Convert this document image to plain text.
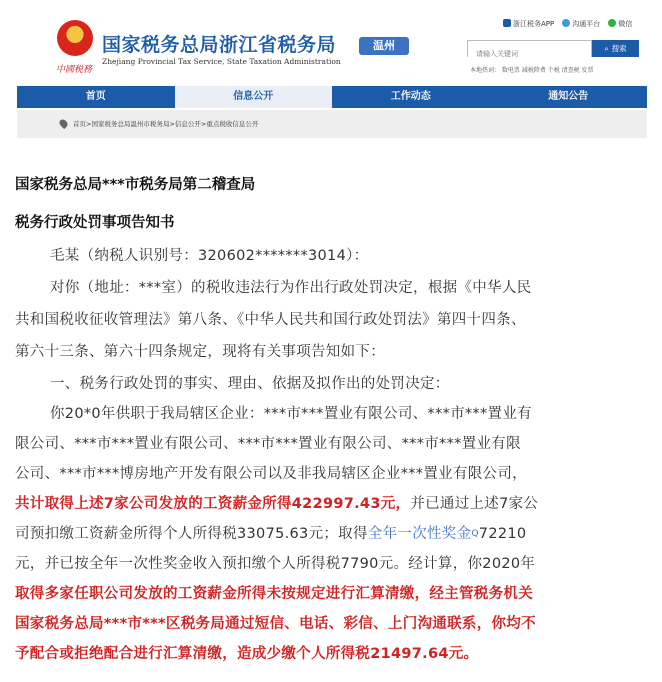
中國税務
国家税务总局浙江省税务局
Zhejiang Provincial Tax Service, State Taxation Administration
温州
浙江税务APP	沟通平台	微信
请输入关键词
⌕ 搜索
本地热词： 数电票 减税降费 个税 清查税 发票
首页	信息公开	工作动态	通知公告
首页>国家税务总局温州市税务局>信息公开>重点税收信息公开
国家税务总局***市税务局第二稽查局
税务行政处罚事项告知书
毛某（纳税人识别号：320602*******3014）：
对你（地址：***室）的税收违法行为作出行政处罚决定，根据《中华人民
共和国税收征收管理法》第八条、《中华人民共和国行政处罚法》第四十四条、
第六十三条、第六十四条规定，现将有关事项告知如下：
一、税务行政处罚的事实、理由、依据及拟作出的处罚决定：
你20*0年供职于我局辖区企业：***市***置业有限公司、***市***置业有
限公司、***市***置业有限公司、***市***置业有限公司、***市***置业有限
公司、***市***博房地产开发有限公司以及非我局辖区企业***置业有限公司，
共计取得上述7家公司发放的工资薪金所得422997.43元，并已通过上述7家公
司预扣缴工资薪金所得个人所得税33075.63元；取得全年一次性奖金$^Q$72210
元，并已按全年一次性奖金收入预扣缴个人所得税7790元。经计算，你2020年
取得多家任职公司发放的工资薪金所得未按规定进行汇算清缴，经主管税务机关
国家税务总局***市***区税务局通过短信、电话、彩信、上门沟通联系，你均不
予配合或拒绝配合进行汇算清缴，造成少缴个人所得税21497.64元。
